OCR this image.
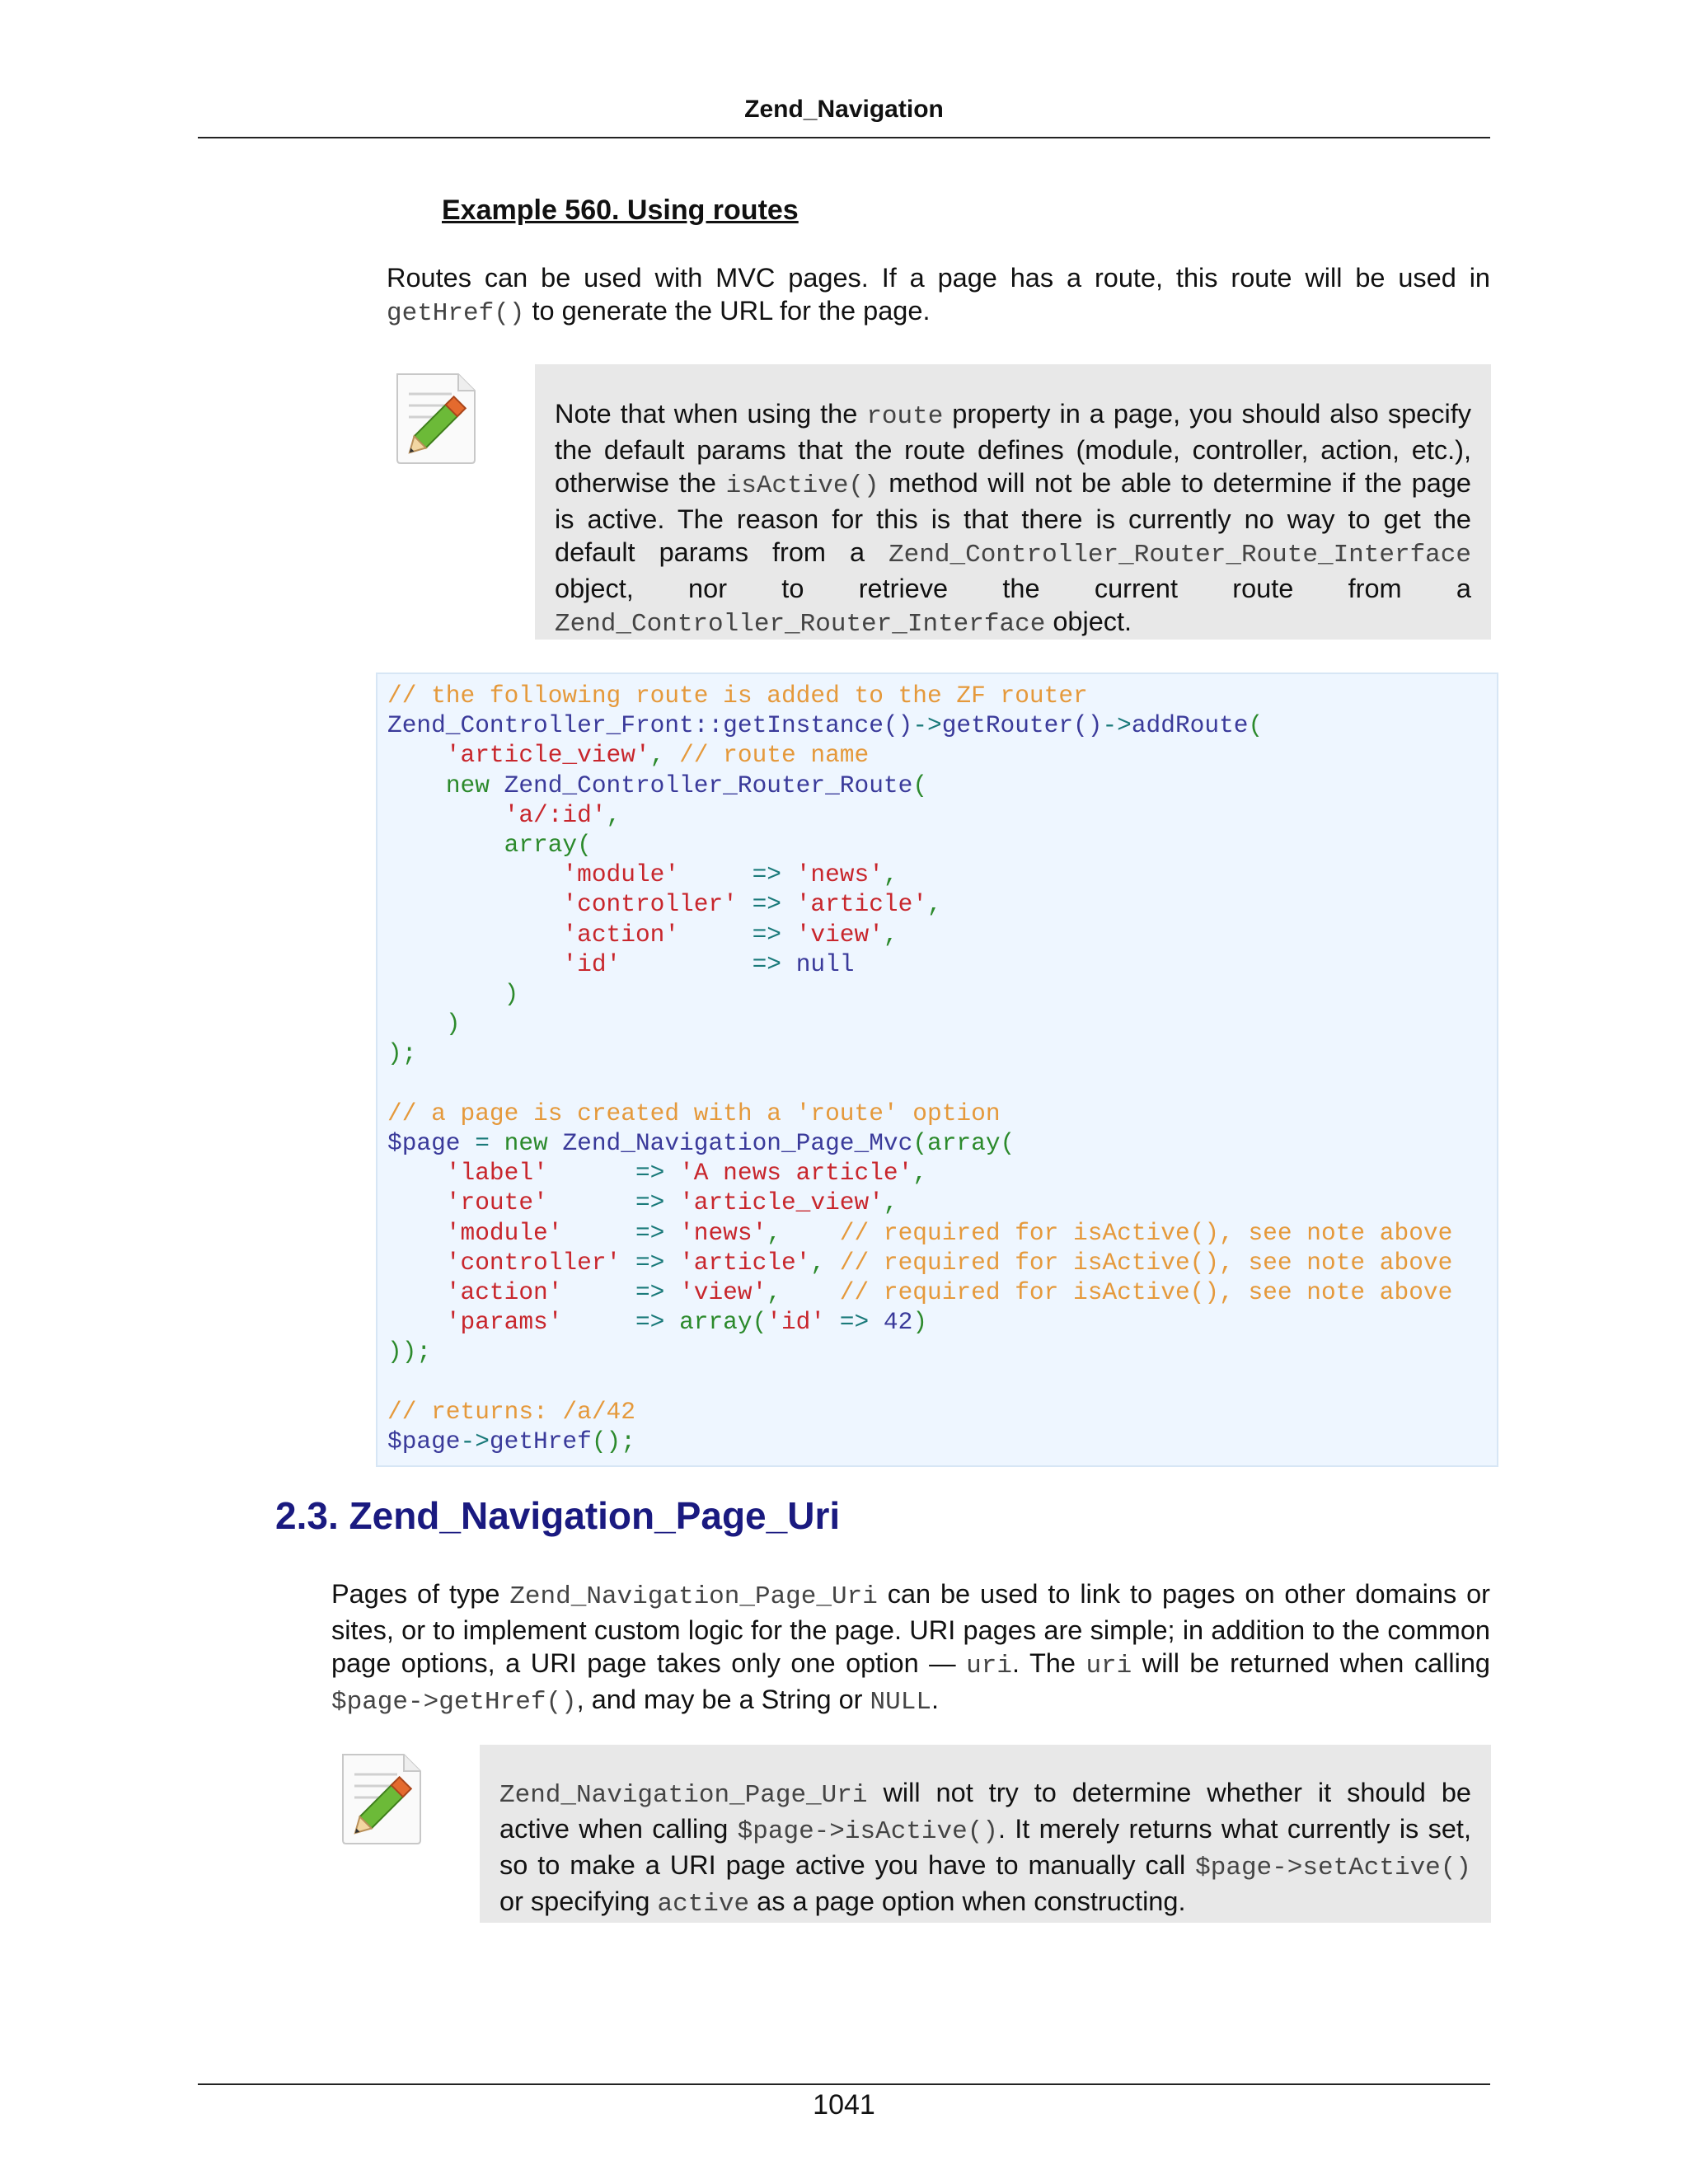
Zend_Navigation
Example 560. Using routes
Routes can be used with MVC pages. If a page has a route, this route will be used in getHref() to generate the URL for the page.
Note that when using the route property in a page, you should also specify the default params that the route defines (module, controller, action, etc.), otherwise the isActive() method will not be able to determine if the page is active. The reason for this is that there is currently no way to get the default params from a Zend_Controller_Router_Route_Interface object, nor to retrieve the current route from a Zend_Controller_Router_Interface object.
// the following route is added to the ZF router
Zend_Controller_Front::getInstance()->getRouter()->addRoute(
'article_view', // route name
new Zend_Controller_Router_Route(
'a/:id',
array(
'module'	=> 'news',
'controller' => 'article',
'action'	=> 'view',
'id'	=> null
)
)
);

// a page is created with a 'route' option
$page = new Zend_Navigation_Page_Mvc(array(
'label'	=> 'A news article',
'route'	=> 'article_view',
'module'	=> 'news', // required for isActive(), see note above
'controller' => 'article', // required for isActive(), see note above
'action'	=> 'view', // required for isActive(), see note above
'params'	=> array('id' => 42)
));

// returns: /a/42
$page->getHref();
2.3. Zend_Navigation_Page_Uri
Pages of type Zend_Navigation_Page_Uri can be used to link to pages on other domains or sites, or to implement custom logic for the page. URI pages are simple; in addition to the common page options, a URI page takes only one option — uri. The uri will be returned when calling $page->getHref(), and may be a String or NULL.
Zend_Navigation_Page_Uri will not try to determine whether it should be active when calling $page->isActive(). It merely returns what currently is set, so to make a URI page active you have to manually call $page->setActive() or specifying active as a page option when constructing.
1041
